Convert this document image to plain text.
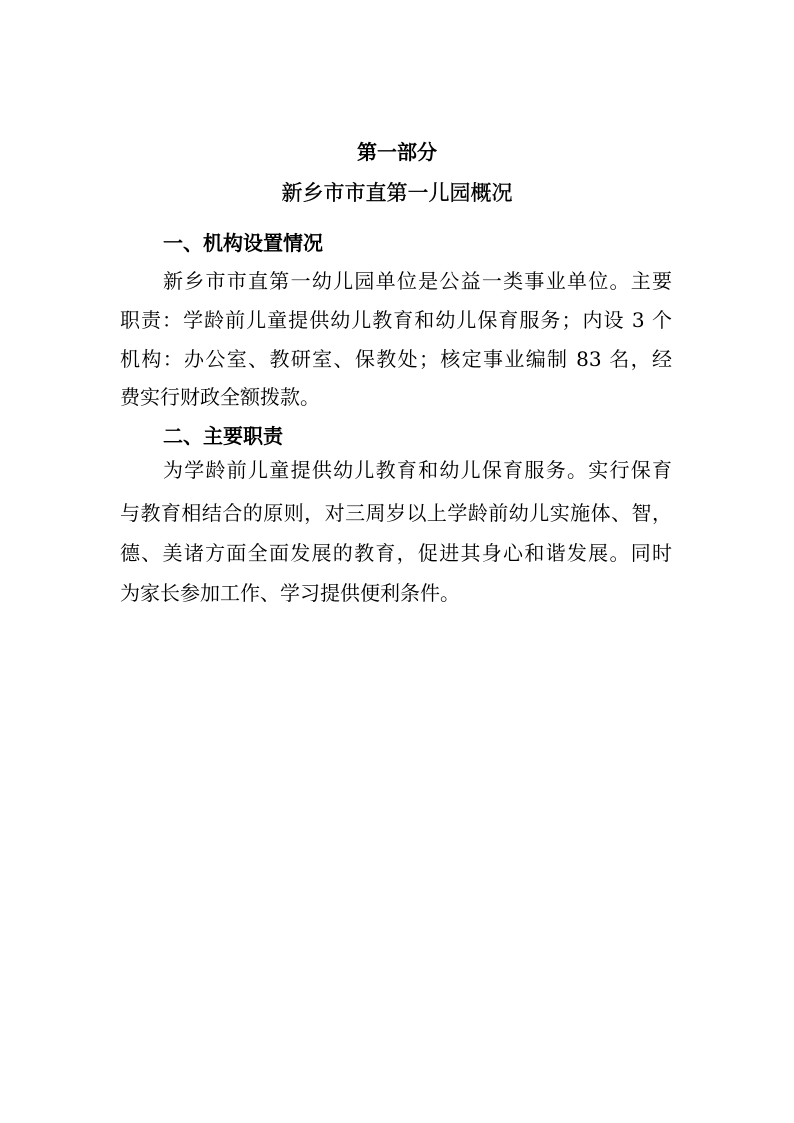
第一部分
新乡市市直第一儿园概况
一、机构设置情况
新乡市市直第一幼儿园单位是公益一类事业单位。主要
职责：学龄前儿童提供幼儿教育和幼儿保育服务；内设 3 个
机构：办公室、教研室、保教处；核定事业编制 83 名，经
费实行财政全额拨款。
二、主要职责
为学龄前儿童提供幼儿教育和幼儿保育服务。实行保育
与教育相结合的原则，对三周岁以上学龄前幼儿实施体、智，
德、美诸方面全面发展的教育，促进其身心和谐发展。同时
为家长参加工作、学习提供便利条件。
